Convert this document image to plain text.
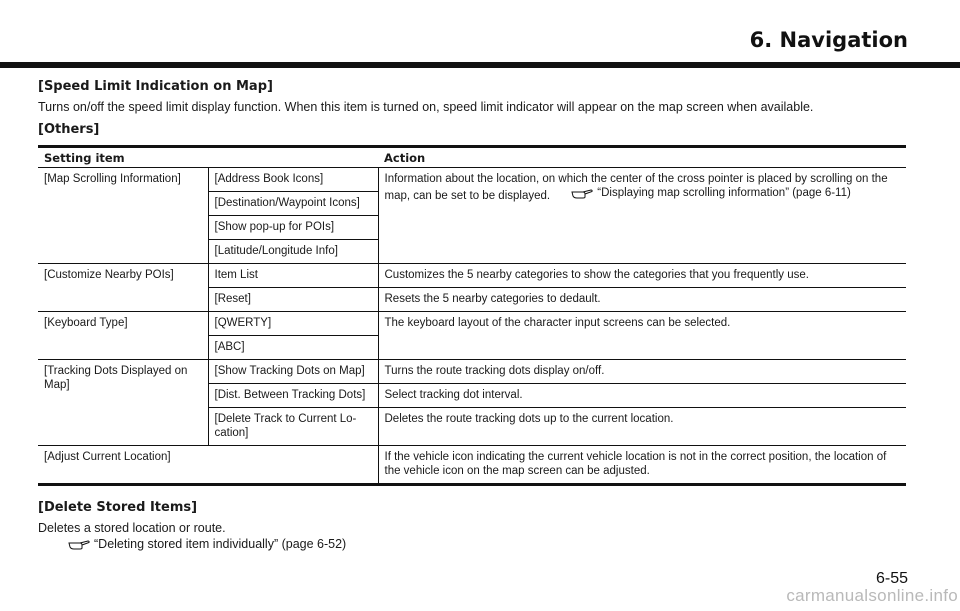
6. Navigation

[Speed Limit Indication on Map]

Turns on/off the speed limit display function. When this item is turned on, speed limit indicator will appear on the map screen when available.

[Others]

Setting item		Action
[Map Scrolling Information]	[Address Book Icons]	Information about the location, on which the center of the cross pointer is placed by scrolling on the map, can be set to be displayed. “Displaying map scrolling information” (page 6-11)

	[Destination/Waypoint Icons]	
	[Show pop-up for POIs]	
	[Latitude/Longitude Info]	
[Customize Nearby POIs]	Item List	Customizes the 5 nearby categories to show the categories that you frequently use.
	[Reset]	Resets the 5 nearby categories to dedault.
[Keyboard Type]	[QWERTY]	The keyboard layout of the character input screens can be selected.
	[ABC]	
[Tracking Dots Displayed on Map]	[Show Tracking Dots on Map]	Turns the route tracking dots display on/off.
	[Dist. Between Tracking Dots]	Select tracking dot interval.
	[Delete Track to Current Lo-cation]	Deletes the route tracking dots up to the current location.
[Adjust Current Location]		If the vehicle icon indicating the current vehicle location is not in the correct position, the location of the vehicle icon on the map screen can be adjusted.

[Delete Stored Items]

Deletes a stored location or route.

“Deleting stored item individually” (page 6-52)
6-55
carmanualsonline.info
